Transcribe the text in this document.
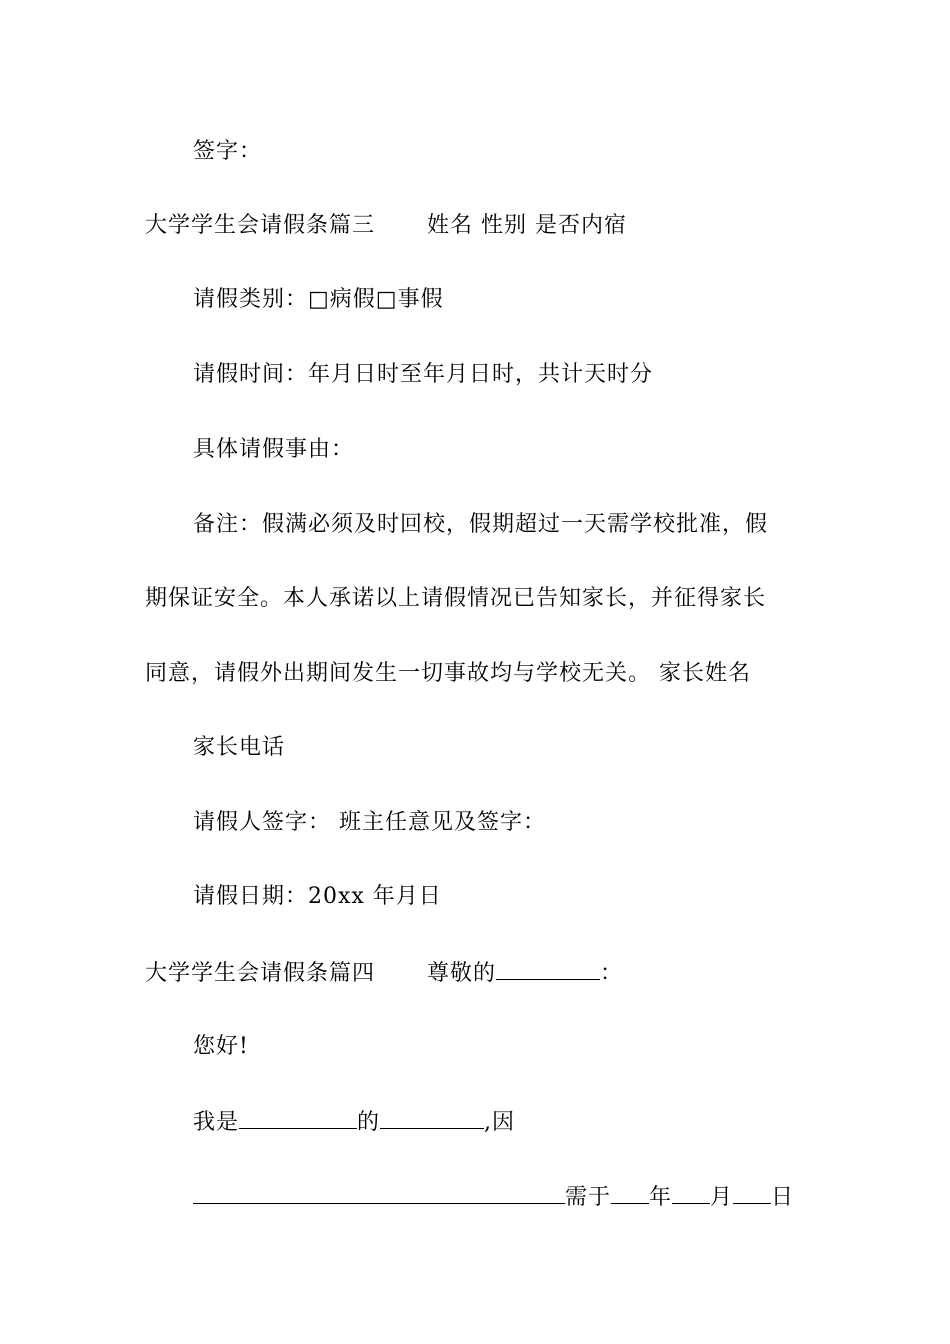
签字：
大学学生会请假条篇三 姓名 性别 是否内宿
请假类别：□病假□事假
请假时间：年月日时至年月日时，共计天时分
具体请假事由：
备注：假满必须及时回校，假期超过一天需学校批准，假
期保证安全。本人承诺以上请假情况已告知家长，并征得家长
同意，请假外出期间发生一切事故均与学校无关。 家长姓名
家长电话
请假人签字： 班主任意见及签字：
请假日期：20xx 年月日
大学学生会请假条篇四 尊敬的	：
您好!
我是	的	,因
需于 年 月 日
